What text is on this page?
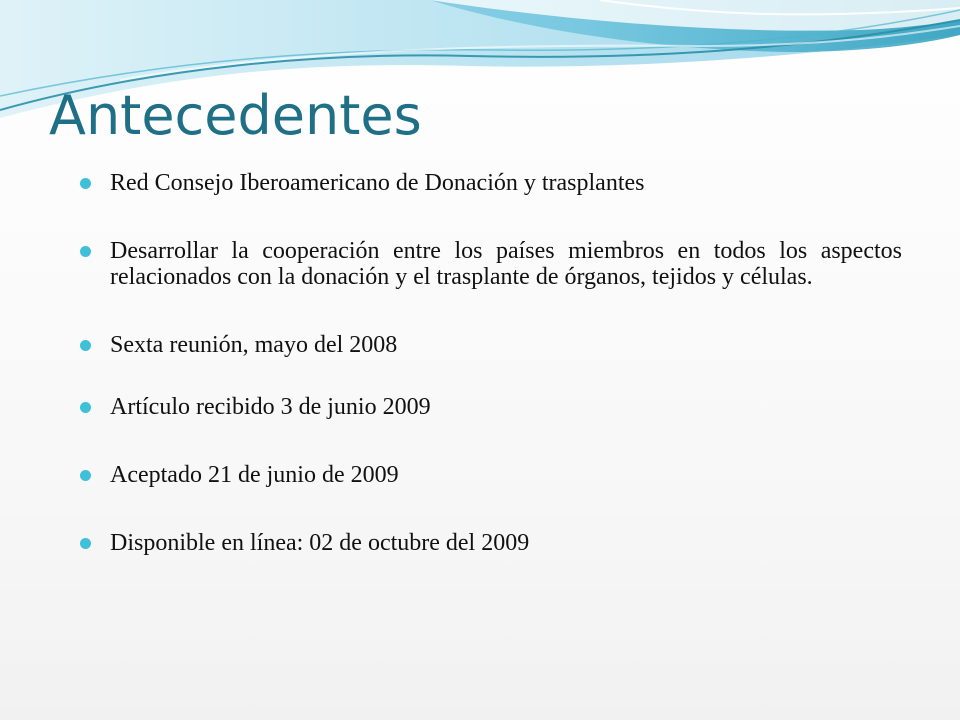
Antecedentes
Red Consejo Iberoamericano de Donación y trasplantes
Desarrollar la cooperación entre los países miembros en todos los aspectos relacionados con la donación y el trasplante de órganos, tejidos y células.
Sexta reunión, mayo del 2008
Artículo recibido 3 de junio 2009
Aceptado 21 de junio de 2009
Disponible en línea: 02 de octubre del 2009
